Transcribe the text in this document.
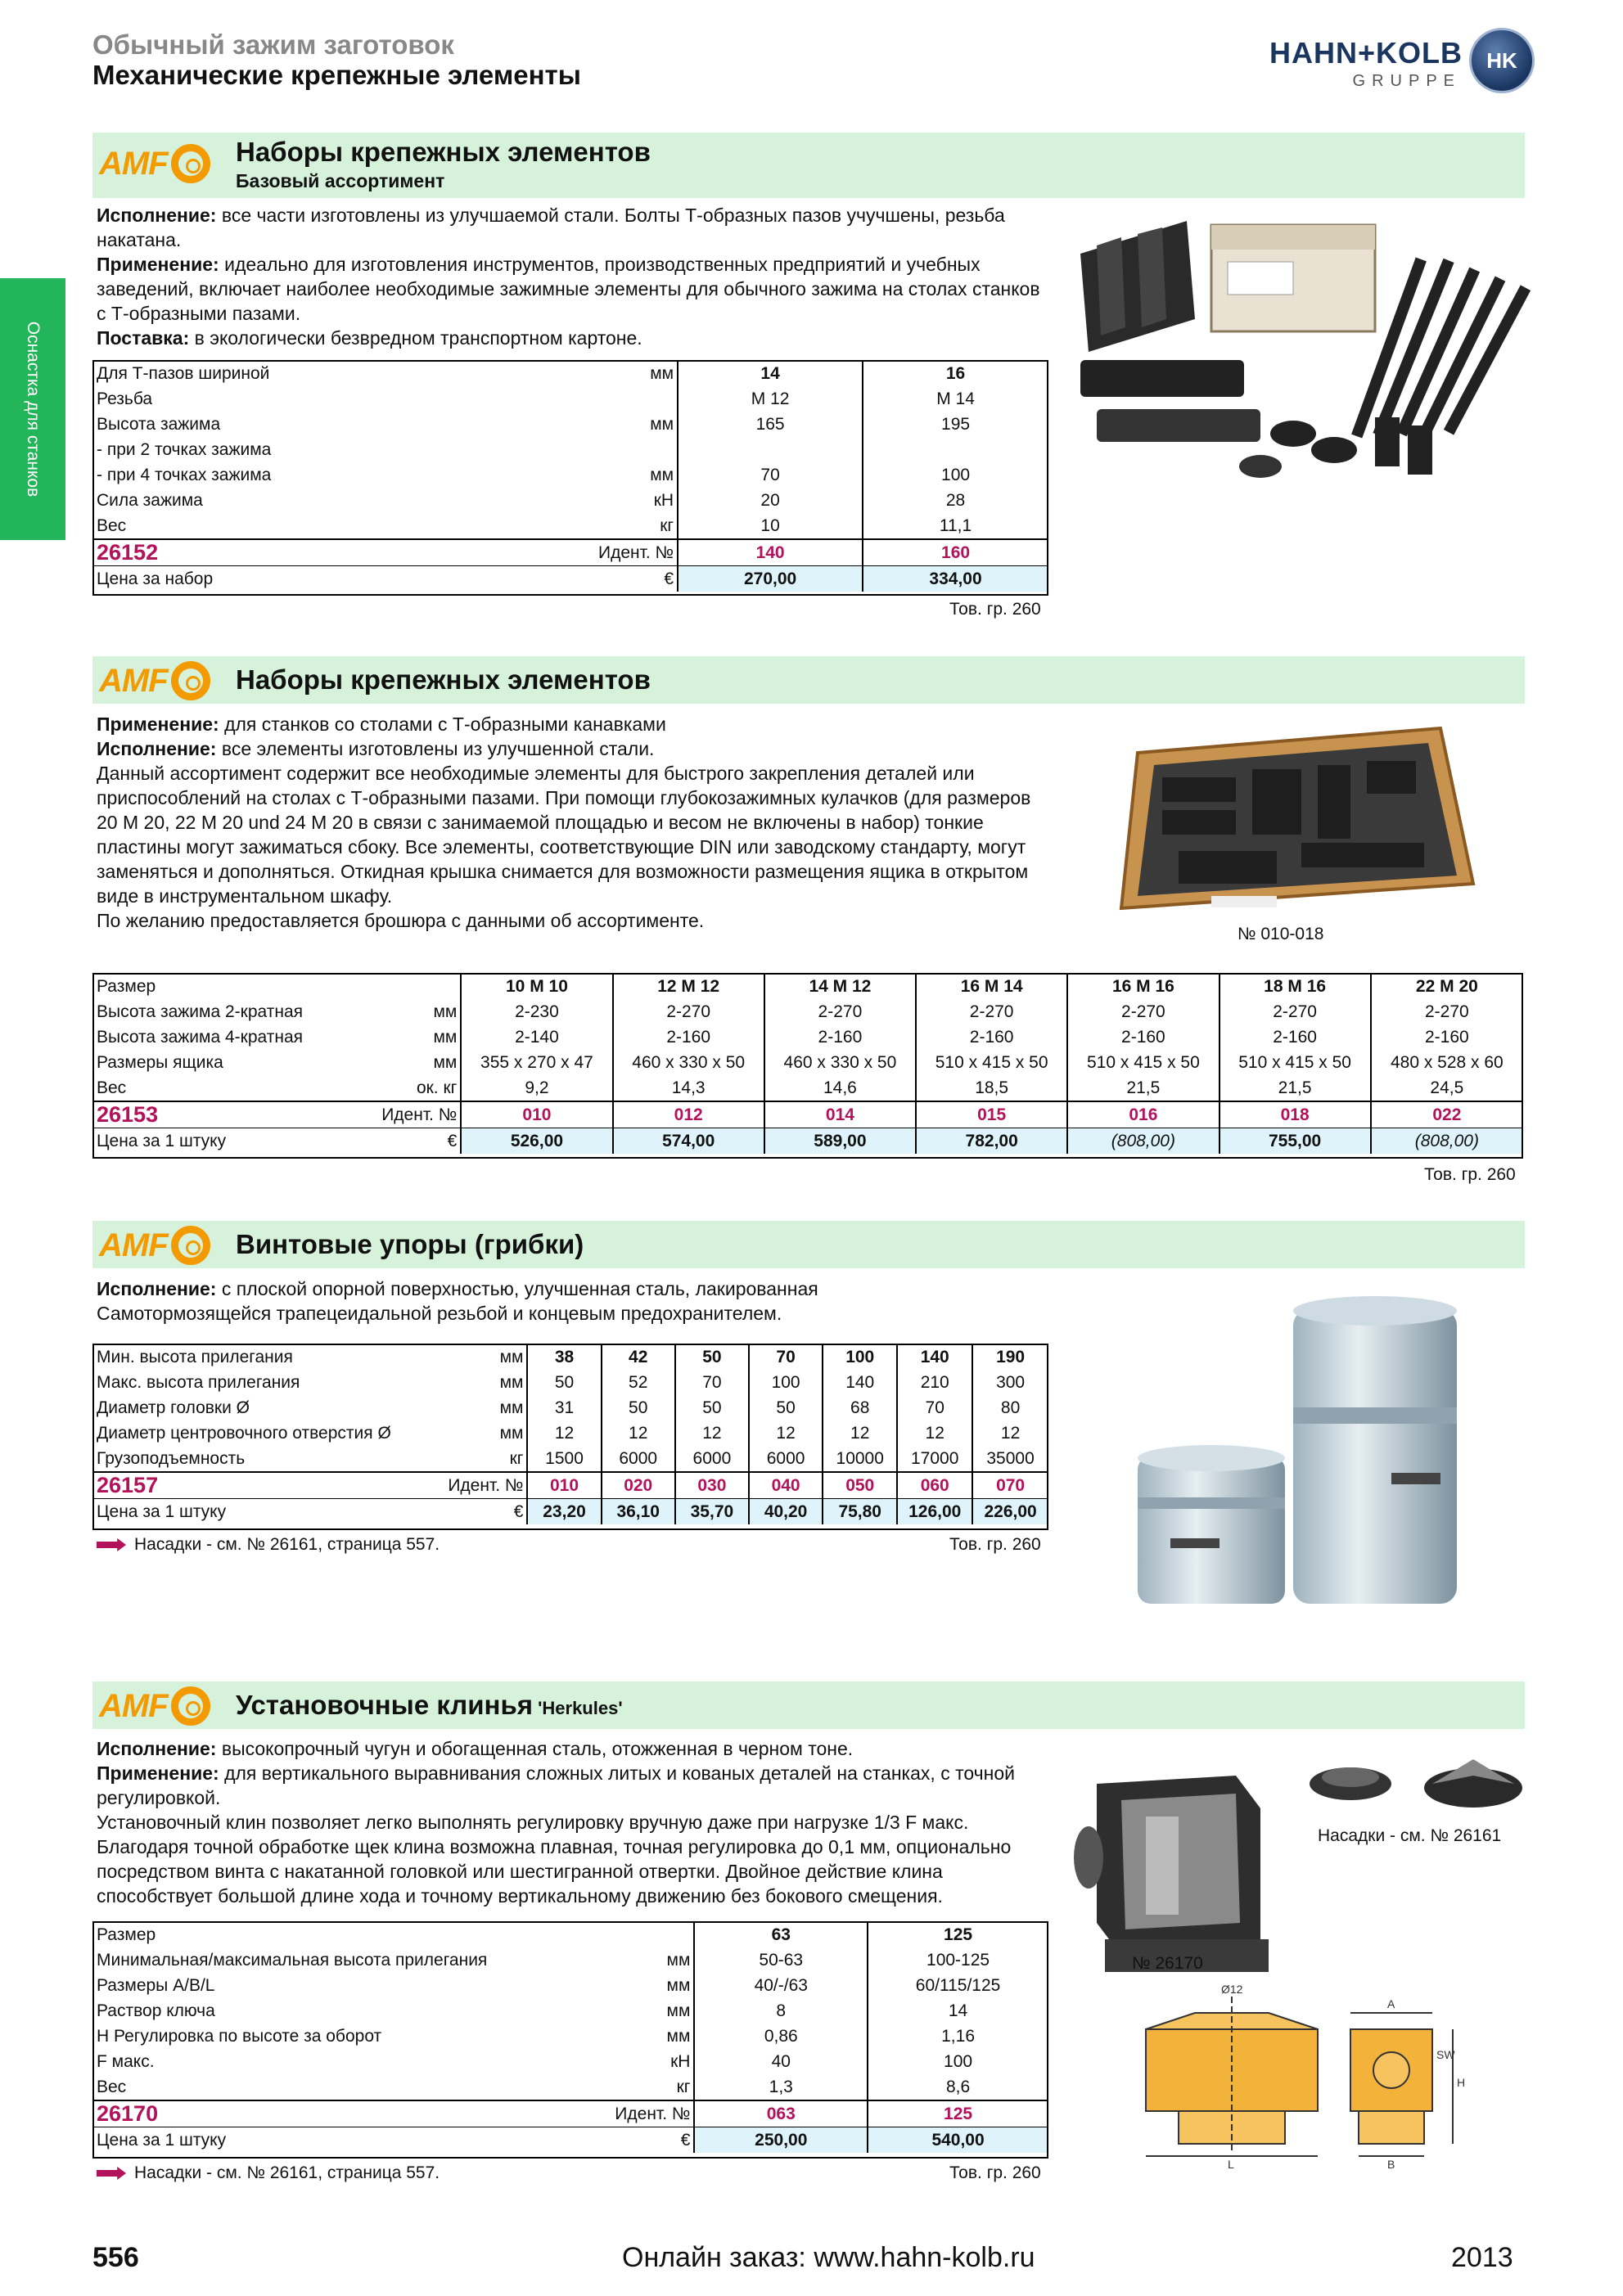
Обычный зажим заготовок
Механические крепежные элементы
HAHN+KOLB
GRUPPE
HK
Оснастка для станков
AMF	Наборы крепежных элементов
Базовый ассортимент

Исполнение: все части изготовлены из улучшаемой стали. Болты Т-образных пазов учучшены, резьба накатана.

Применение: идеально для изготовления инструментов, производственных предприятий и учебных заведений, включает наиболее необходимые зажимные элементы для обычного зажима на столах станков с Т-образными пазами.

Поставка: в экологически безвредном транспортном картоне.

Для Т-пазов шириной	мм	14	16
Резьба		M 12	M 14
Высота зажима	мм	165	195
- при 2 точках зажима			
- при 4 точках зажима	мм	70	100
Сила зажима	кН	20	28
Вес	кг	10	11,1
26152	Идент. №	140	160
Цена за набор	€	270,00	334,00
Тов. гр. 260
AMF	Наборы крепежных элементов

Применение: для станков со столами с Т-образными канавками

Исполнение: все элементы изготовлены из улучшенной стали.

Данный ассортимент содержит все необходимые элементы для быстрого закрепления деталей или приспособлений на столах с Т-образными пазами. При помощи глубокозажимных кулачков (для размеров 20 M 20, 22 M 20 und 24 M 20 в связи с занимаемой площадью и весом не включены в набор) тонкие пластины могут зажиматься сбоку. Все элементы, соответствующие DIN или заводскому стандарту, могут заменяться и дополняться. Откидная крышка снимается для возможности размещения ящика в открытом виде в инструментальном шкафу.

По желанию предоставляется брошюра с данными об ассортименте.

№ 010-018
Размер		10 M 10	12 M 12	14 M 12	16 M 14	16 M 16	18 M 16	22 M 20
Высота зажима 2-кратная	мм	2-230	2-270	2-270	2-270	2-270	2-270	2-270
Высота зажима 4-кратная	мм	2-140	2-160	2-160	2-160	2-160	2-160	2-160
Размеры ящика	мм	355 x 270 x 47	460 x 330 x 50	460 x 330 x 50	510 x 415 x 50	510 x 415 x 50	510 x 415 x 50	480 x 528 x 60
Вес	ок. кг	9,2	14,3	14,6	18,5	21,5	21,5	24,5
26153	Идент. №	010	012	014	015	016	018	022
Цена за 1 штуку	€	526,00	574,00	589,00	782,00	(808,00)	755,00	(808,00)
Тов. гр. 260
AMF	Винтовые упоры (грибки)

Исполнение: с плоской опорной поверхностью, улучшенная сталь, лакированная

Самотормозящейся трапецеидальной резьбой и концевым предохранителем.

Мин. высота прилегания	мм	38	42	50	70	100	140	190
Макс. высота прилегания	мм	50	52	70	100	140	210	300
Диаметр головки Ø	мм	31	50	50	50	68	70	80
Диаметр центровочного отверстия Ø	мм	12	12	12	12	12	12	12
Грузоподъемность	кг	1500	6000	6000	6000	10000	17000	35000
26157	Идент. №	010	020	030	040	050	060	070
Цена за 1 штуку	€	23,20	36,10	35,70	40,20	75,80	126,00	226,00
Насадки - см. № 26161, страница 557.	Тов. гр. 260
AMF	Установочные клинья 'Herkules'

Исполнение: высокопрочный чугун и обогащенная сталь, отожженная в черном тоне.

Применение: для вертикального выравнивания сложных литых и кованых деталей на станках, с точной регулировкой.

Установочный клин позволяет легко выполнять регулировку вручную даже при нагрузке 1/3 F макс. Благодаря точной обработке щек клина возможна плавная, точная регулировка до 0,1 мм, опционально посредством винта с накатанной головкой или шестигранной отвертки. Двойное действие клина способствует большой длине хода и точному вертикальному движению без бокового смещения.

Размер		63	125
Минимальная/максимальная высота прилегания	мм	50-63	100-125
Размеры A/B/L	мм	40/-/63	60/115/125
Раствор ключа	мм	8	14
H Регулировка по высоте за оборот	мм	0,86	1,16
F макс.	кН	40	100
Вес	кг	1,3	8,6
26170	Идент. №	063	125
Цена за 1 штуку	€	250,00	540,00
Насадки - см. № 26161, страница 557.	Тов. гр. 260
Насадки - см. № 26161
№ 26170
Ø12
A
SW
H
L	B
556	Онлайн заказ: www.hahn-kolb.ru	2013
